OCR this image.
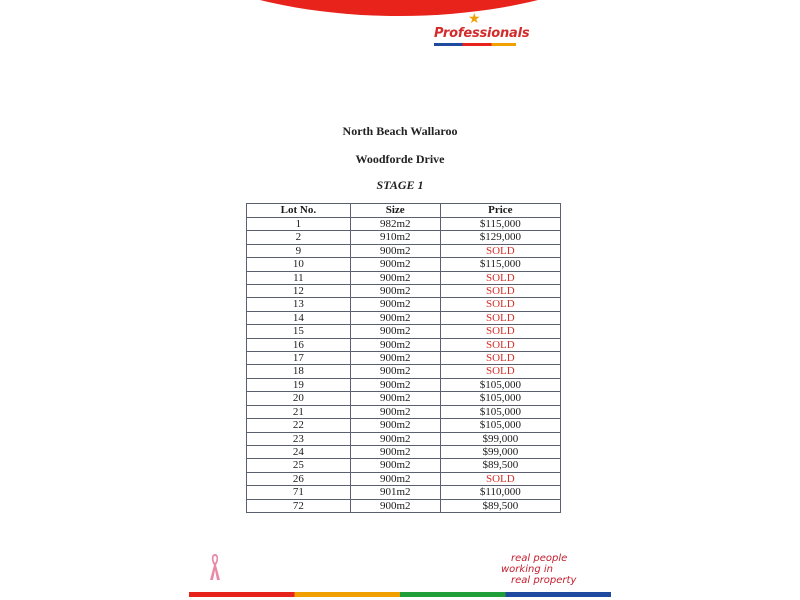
★
Professionals
North Beach Wallaroo
Woodforde Drive
STAGE 1
Lot No.	Size	Price
1	982m2	$115,000
2	910m2	$129,000
9	900m2	SOLD
10	900m2	$115,000
11	900m2	SOLD
12	900m2	SOLD
13	900m2	SOLD
14	900m2	SOLD
15	900m2	SOLD
16	900m2	SOLD
17	900m2	SOLD
18	900m2	SOLD
19	900m2	$105,000
20	900m2	$105,000
21	900m2	$105,000
22	900m2	$105,000
23	900m2	$99,000
24	900m2	$99,000
25	900m2	$89,500
26	900m2	SOLD
71	901m2	$110,000
72	900m2	$89,500
real people
working in
real property
